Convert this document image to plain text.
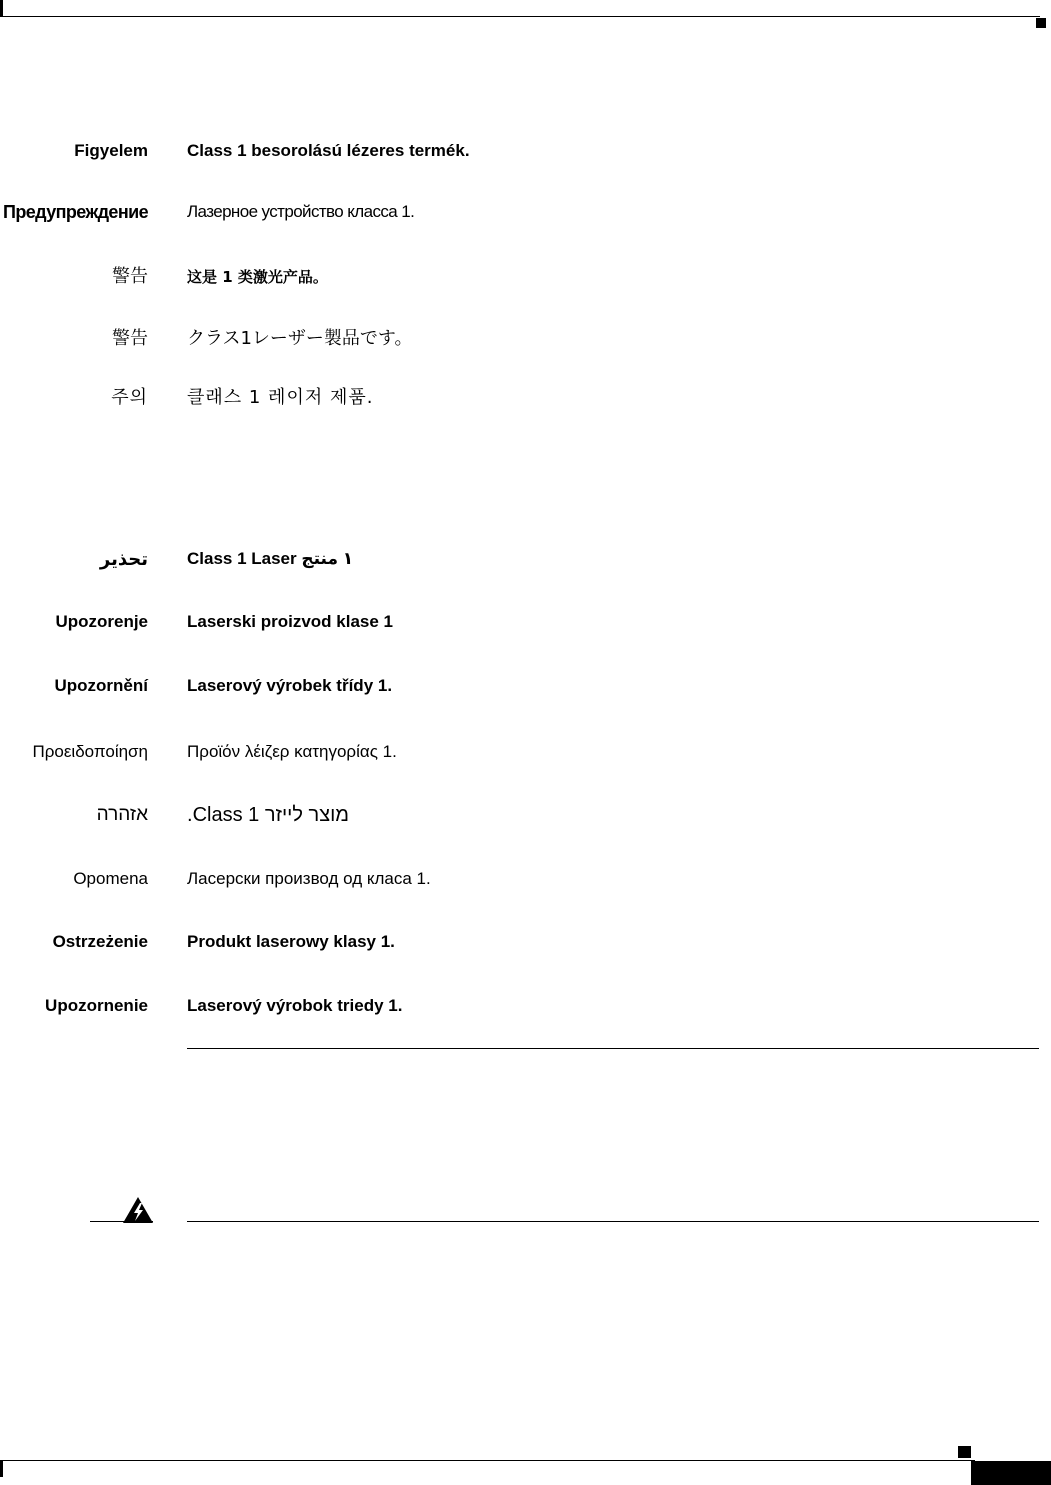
Figyelem Class 1 besorolású lézeres termék.
Предупреждение Лазерное устройство класса 1.
警告	这是 1 类激光产品。
警告 クラス1レーザー製品です。
주의 클래스 1 레이저 제품.
تحذير Class 1 Laser ١ منتج
Upozorenje Laserski proizvod klase 1
Upozornění Laserový výrobek třídy 1.
Προειδοποίηση Προϊόν λέιζερ κατηγορίας 1.
אזהרה מוצר לייזר Class 1.
Opomena Ласерски производ од класа 1.
Ostrzeżenie Produkt laserowy klasy 1.
Upozornenie Laserový výrobok triedy 1.
